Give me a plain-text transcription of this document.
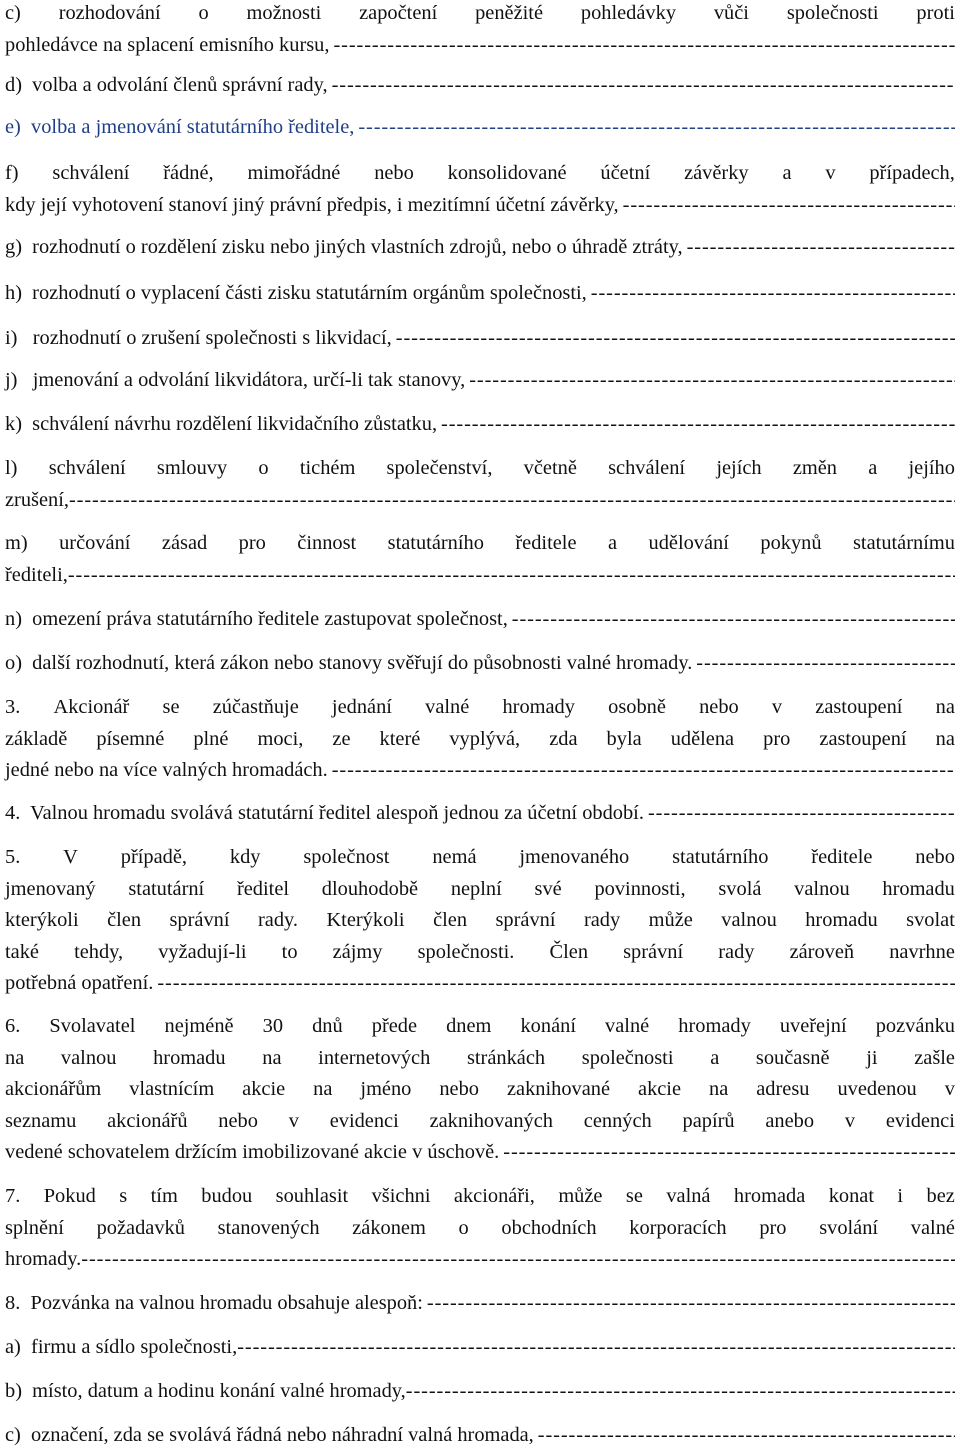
c) rozhodování o možnosti započtení peněžité pohledávky vůči společnosti proti
pohledávce na splacení emisního kursu,
-----
d)  volba a odvolání členů správní rady,
-----
e)  volba a jmenování statutárního ředitele,
-----
f) schválení řádné, mimořádné nebo konsolidované účetní závěrky a v případech,
kdy její vyhotovení stanoví jiný právní předpis, i mezitímní účetní závěrky,
-----
g)  rozhodnutí o rozdělení zisku nebo jiných vlastních zdrojů, nebo o úhradě ztráty,
-----
h)  rozhodnutí o vyplacení části zisku statutárním orgánům společnosti,
-----
i)   rozhodnutí o zrušení společnosti s likvidací,
-----
j)   jmenování a odvolání likvidátora, určí-li tak stanovy,
-----
k)  schválení návrhu rozdělení likvidačního zůstatku,
-----
l) schválení smlouvy o tichém společenství, včetně schválení jejích změn a jejího
zrušení,
-----
m) určování zásad pro činnost statutárního ředitele a udělování pokynů statutárnímu
řediteli,
-----
n)  omezení práva statutárního ředitele zastupovat společnost,
-----
o)  další rozhodnutí, která zákon nebo stanovy svěřují do působnosti valné hromady.
-----
3. Akcionář se zúčastňuje jednání valné hromady osobně nebo v zastoupení na
základě písemné plné moci, ze které vyplývá, zda byla udělena pro zastoupení na
jedné nebo na více valných hromadách.
-----
4.  Valnou hromadu svolává statutární ředitel alespoň jednou za účetní období.
-----
5. V případě, kdy společnost nemá jmenovaného statutárního ředitele nebo
jmenovaný statutární ředitel dlouhodobě neplní své povinnosti, svolá valnou hromadu
kterýkoli člen správní rady. Kterýkoli člen správní rady může valnou hromadu svolat
také tehdy, vyžadují-li to zájmy společnosti. Člen správní rady zároveň navrhne
potřebná opatření.
-----
6. Svolavatel nejméně 30 dnů přede dnem konání valné hromady uveřejní pozvánku
na valnou hromadu na internetových stránkách společnosti a současně ji zašle
akcionářům vlastnícím akcie na jméno nebo zaknihované akcie na adresu uvedenou v
seznamu akcionářů nebo v evidenci zaknihovaných cenných papírů anebo v evidenci
vedené schovatelem držícím imobilizované akcie v úschově.
-----
7. Pokud s tím budou souhlasit všichni akcionáři, může se valná hromada konat i bez
splnění požadavků stanovených zákonem o obchodních korporacích pro svolání valné
hromady.
-----
8.  Pozvánka na valnou hromadu obsahuje alespoň:
-----
a)  firmu a sídlo společnosti,
-----
b)  místo, datum a hodinu konání valné hromady,
-----
c)  označení, zda se svolává řádná nebo náhradní valná hromada,
-----
